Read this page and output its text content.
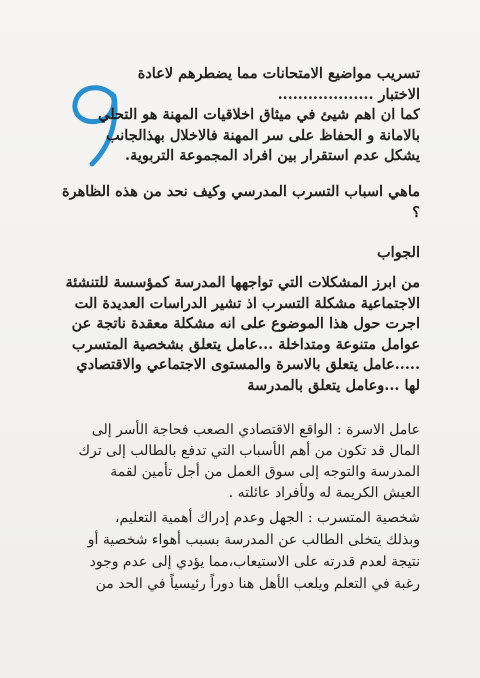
تسريب مواضيع الامتحانات مما يضطرهم لاعادة
الاختبار ...................
كما ان اهم شيئ في ميثاق اخلاقيات المهنة هو التحلي
بالامانة و الحفاظ على سر المهنة فالاخلال بهذالجانب
يشكل عدم استقرار بين افراد المجموعة التربوية.
ماهي اسباب التسرب المدرسي وكيف نحد من هذه الظاهرة
؟
الجواب
من ابرز المشكلات التي تواجهها المدرسة كمؤسسة للتنشئة
الاجتماعية مشكلة التسرب اذ تشير الدراسات العديدة الت
اجرت حول هذا الموضوع على انه مشكلة معقدة ناتجة عن
عوامل متنوعة ومتداخلة ...عامل يتعلق بشخصية المتسرب
.....عامل يتعلق بالاسرة والمستوى الاجتماعي والاقتصادي
لها ...وعامل يتعلق بالمدرسة
عامل الاسرة : الواقع الاقتصادي الصعب فحاجة الأسر إلى
المال قد تكون من أهم الأسباب التي تدفع بالطالب إلى ترك
المدرسة والتوجه إلى سوق العمل من أجل تأمين لقمة
العيش الكريمة له ولأفراد عائلته .
شخصية المتسرب : الجهل وعدم إدراك أهمية التعليم،
وبذلك يتخلى الطالب عن المدرسة بسبب أهواء شخصية أو
نتيجة لعدم قدرته على الاستيعاب،مما يؤدي إلى عدم وجود
رغبة في التعلم ويلعب الأهل هنا دوراً رئيسياً في الحد من
